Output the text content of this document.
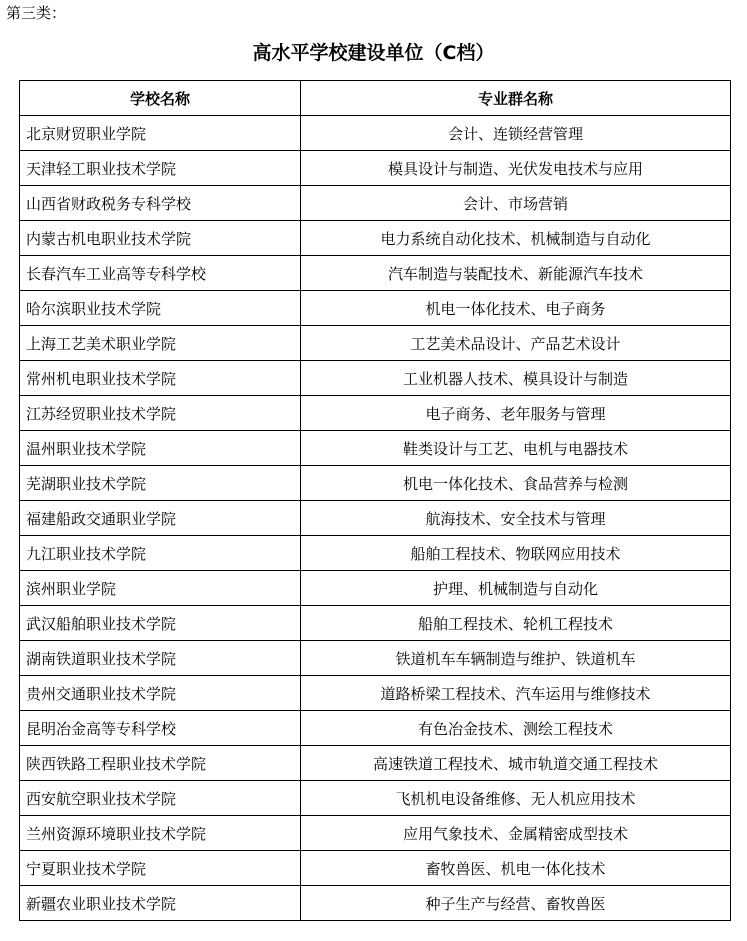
第三类：
高水平学校建设单位（C档）
学校名称	专业群名称
北京财贸职业学院	会计、连锁经营管理
天津轻工职业技术学院	模具设计与制造、光伏发电技术与应用
山西省财政税务专科学校	会计、市场营销
内蒙古机电职业技术学院	电力系统自动化技术、机械制造与自动化
长春汽车工业高等专科学校	汽车制造与装配技术、新能源汽车技术
哈尔滨职业技术学院	机电一体化技术、电子商务
上海工艺美术职业学院	工艺美术品设计、产品艺术设计
常州机电职业技术学院	工业机器人技术、模具设计与制造
江苏经贸职业技术学院	电子商务、老年服务与管理
温州职业技术学院	鞋类设计与工艺、电机与电器技术
芜湖职业技术学院	机电一体化技术、食品营养与检测
福建船政交通职业学院	航海技术、安全技术与管理
九江职业技术学院	船舶工程技术、物联网应用技术
滨州职业学院	护理、机械制造与自动化
武汉船舶职业技术学院	船舶工程技术、轮机工程技术
湖南铁道职业技术学院	铁道机车车辆制造与维护、铁道机车
贵州交通职业技术学院	道路桥梁工程技术、汽车运用与维修技术
昆明冶金高等专科学校	有色冶金技术、测绘工程技术
陕西铁路工程职业技术学院	高速铁道工程技术、城市轨道交通工程技术
西安航空职业技术学院	飞机机电设备维修、无人机应用技术
兰州资源环境职业技术学院	应用气象技术、金属精密成型技术
宁夏职业技术学院	畜牧兽医、机电一体化技术
新疆农业职业技术学院	种子生产与经营、畜牧兽医
